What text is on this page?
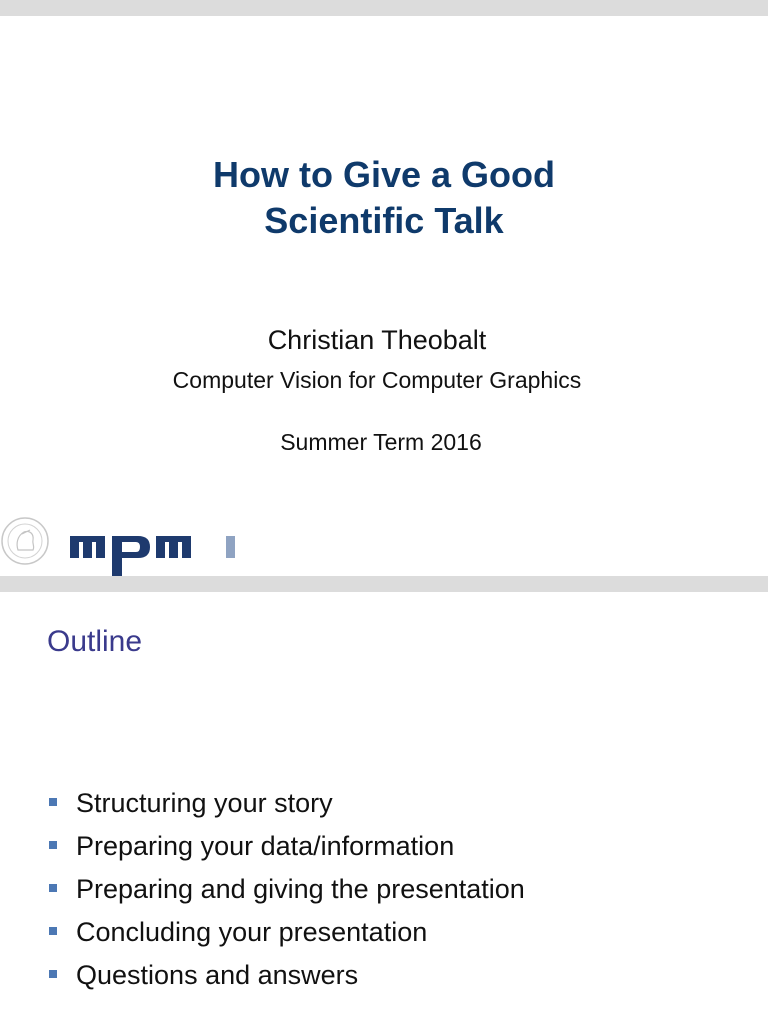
How to Give a Good
Scientific Talk
Christian Theobalt
Computer Vision for Computer Graphics
Summer Term 2016
Outline
Structuring your story
Preparing your data/information
Preparing and giving the presentation
Concluding your presentation
Questions and answers
